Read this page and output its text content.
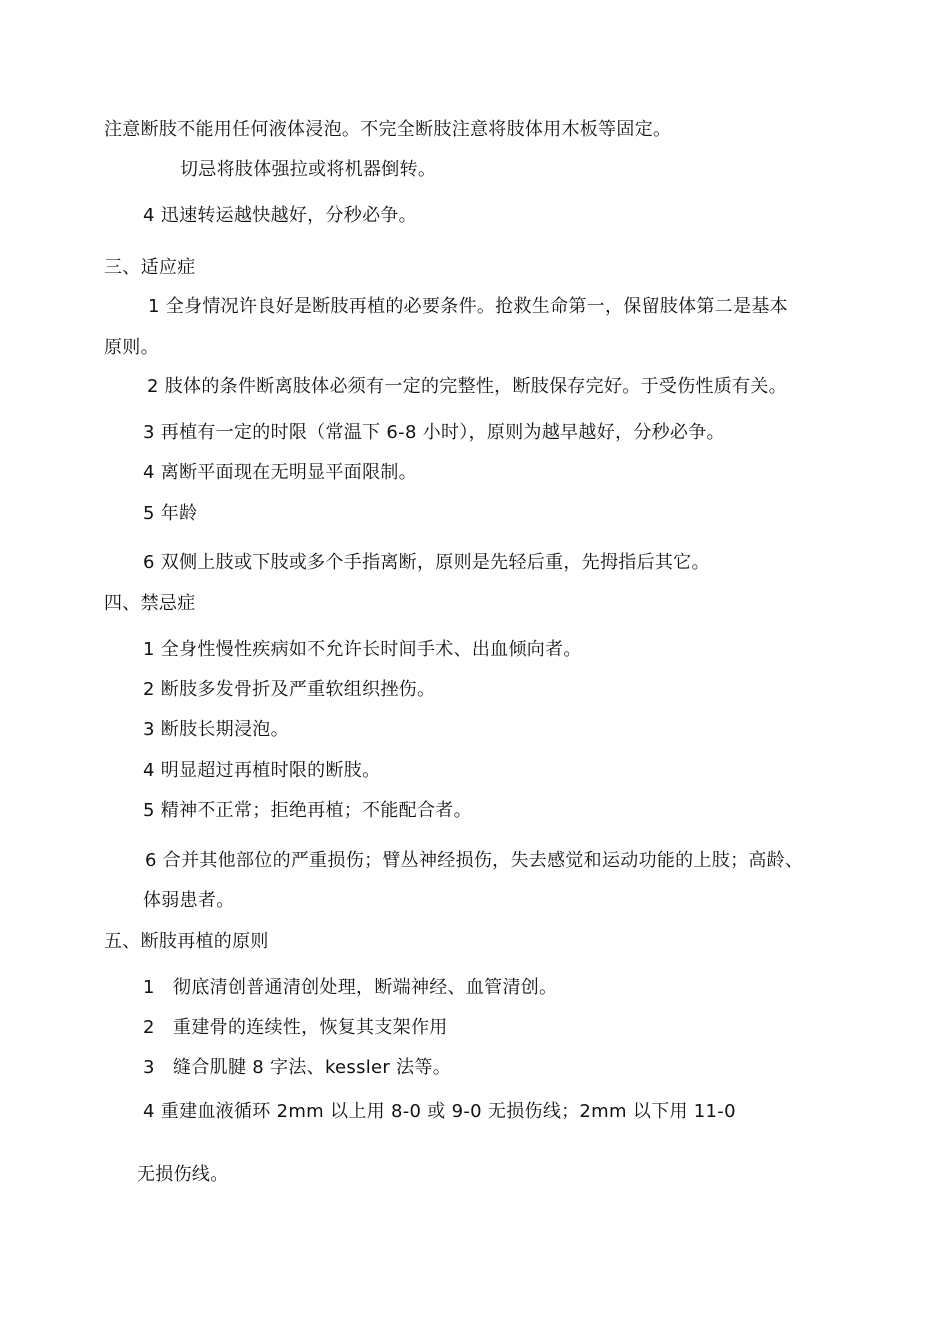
注意断肢不能用任何液体浸泡。不完全断肢注意将肢体用木板等固定。
切忌将肢体强拉或将机器倒转。
4 迅速转运越快越好，分秒必争。
三、适应症
1 全身情况许良好是断肢再植的必要条件。抢救生命第一，保留肢体第二是基本
原则。
2 肢体的条件断离肢体必须有一定的完整性，断肢保存完好。于受伤性质有关。
3 再植有一定的时限（常温下 6-8 小时），原则为越早越好，分秒必争。
4 离断平面现在无明显平面限制。
5 年龄
6 双侧上肢或下肢或多个手指离断，原则是先轻后重，先拇指后其它。
四、禁忌症
1 全身性慢性疾病如不允许长时间手术、出血倾向者。
2 断肢多发骨折及严重软组织挫伤。
3 断肢长期浸泡。
4 明显超过再植时限的断肢。
5 精神不正常；拒绝再植；不能配合者。
6 合并其他部位的严重损伤；臂丛神经损伤，失去感觉和运动功能的上肢；高龄、
体弱患者。
五、断肢再植的原则
1　彻底清创普通清创处理，断端神经、血管清创。
2　重建骨的连续性，恢复其支架作用
3　缝合肌腱 8 字法、kessler 法等。
4 重建血液循环 2mm 以上用 8-0 或 9-0 无损伤线；2mm 以下用 11-0
无损伤线。
